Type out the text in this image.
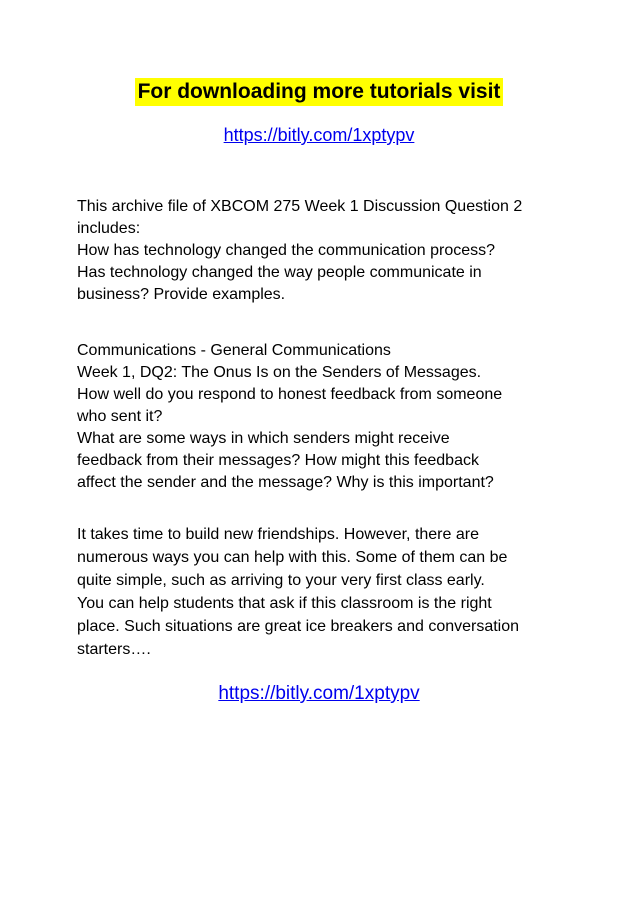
For downloading more tutorials visit
https://bitly.com/1xptypv
This archive file of XBCOM 275 Week 1 Discussion Question 2
includes:
How has technology changed the communication process?
Has technology changed the way people communicate in
business? Provide examples.
Communications - General Communications
Week 1, DQ2: The Onus Is on the Senders of Messages.
How well do you respond to honest feedback from someone
who sent it?
What are some ways in which senders might receive
feedback from their messages? How might this feedback
affect the sender and the message? Why is this important?
It takes time to build new friendships. However, there are
numerous ways you can help with this. Some of them can be
quite simple, such as arriving to your very first class early.
You can help students that ask if this classroom is the right
place. Such situations are great ice breakers and conversation
starters….
https://bitly.com/1xptypv
